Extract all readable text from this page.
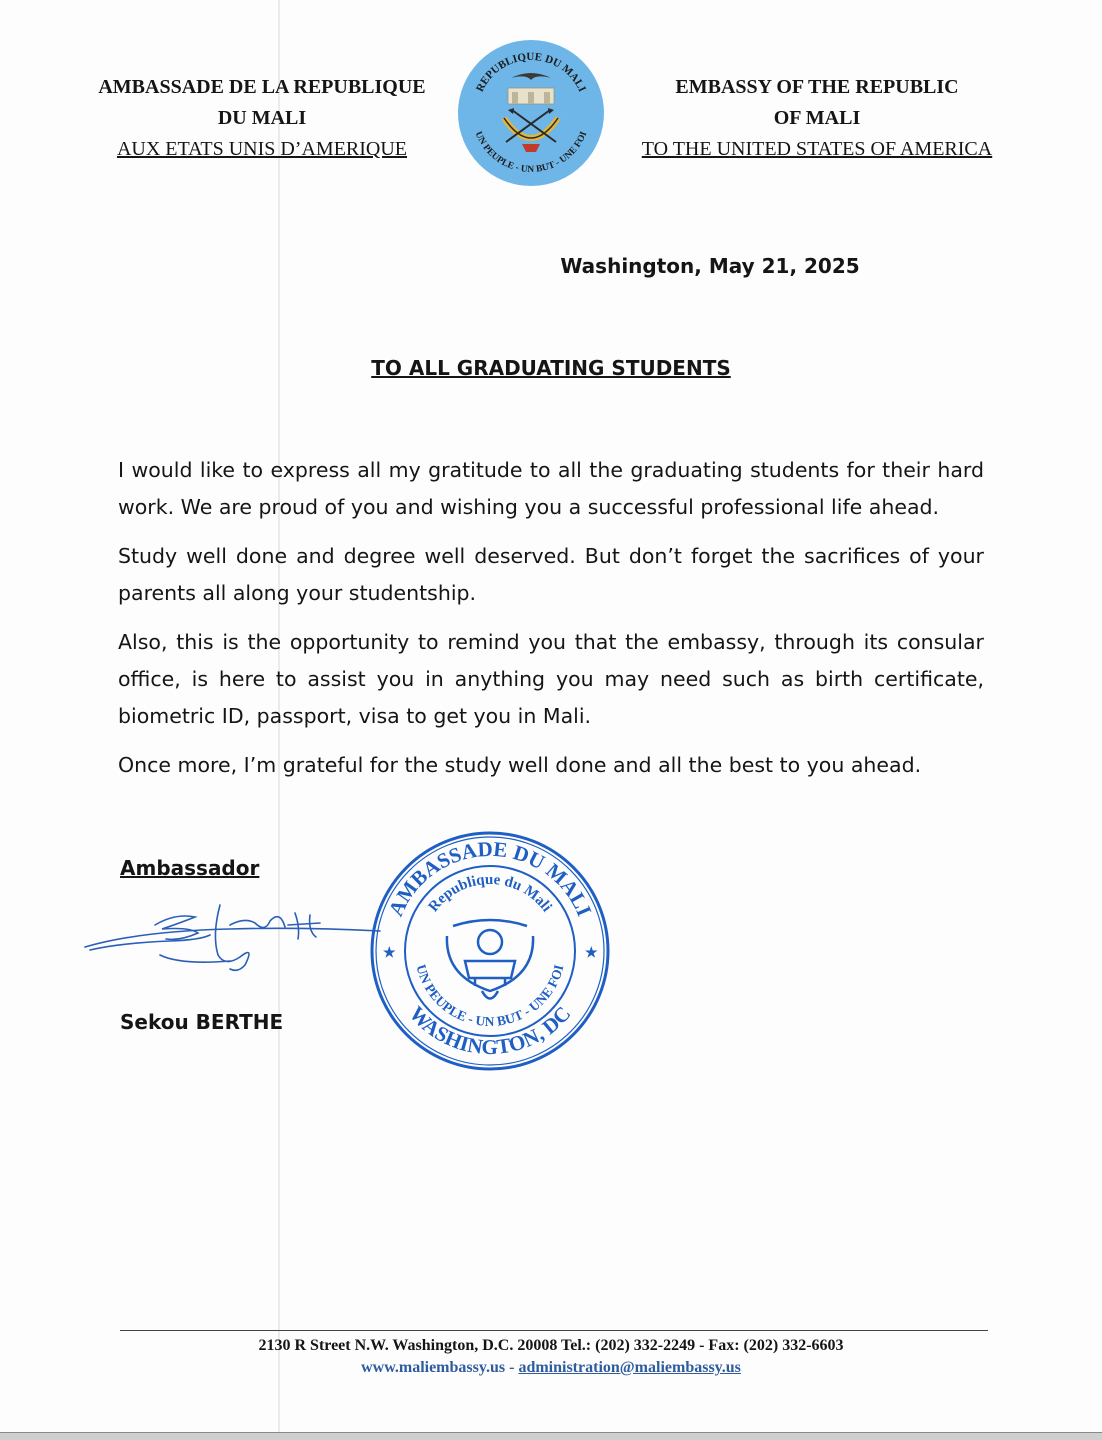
AMBASSADE DE LA REPUBLIQUE
DU MALI
AUX ETATS UNIS D’AMERIQUE
REPUBLIQUE DU MALI
UN PEUPLE - UN BUT - UNE FOI
EMBASSY OF THE REPUBLIC
OF MALI
TO THE UNITED STATES OF AMERICA
Washington, May 21, 2025
TO ALL GRADUATING STUDENTS

I would like to express all my gratitude to all the graduating students for their hard work. We are proud of you and wishing you a successful professional life ahead.

Study well done and degree well deserved. But don’t forget the sacrifices of your parents all along your studentship.

Also, this is the opportunity to remind you that the embassy, through its consular office, is here to assist you in anything you may need such as birth certificate, biometric ID, passport, visa to get you in Mali.

Once more, I’m grateful for the study well done and all the best to you ahead.

Ambassador
Sekou BERTHE
AMBASSADE DU MALI
WASHINGTON, DC
Republique du Mali
UN PEUPLE - UN BUT - UNE FOI
★	★
2130 R Street N.W. Washington, D.C. 20008 Tel.: (202) 332-2249 - Fax: (202) 332-6603
www.maliembassy.us - administration@maliembassy.us
